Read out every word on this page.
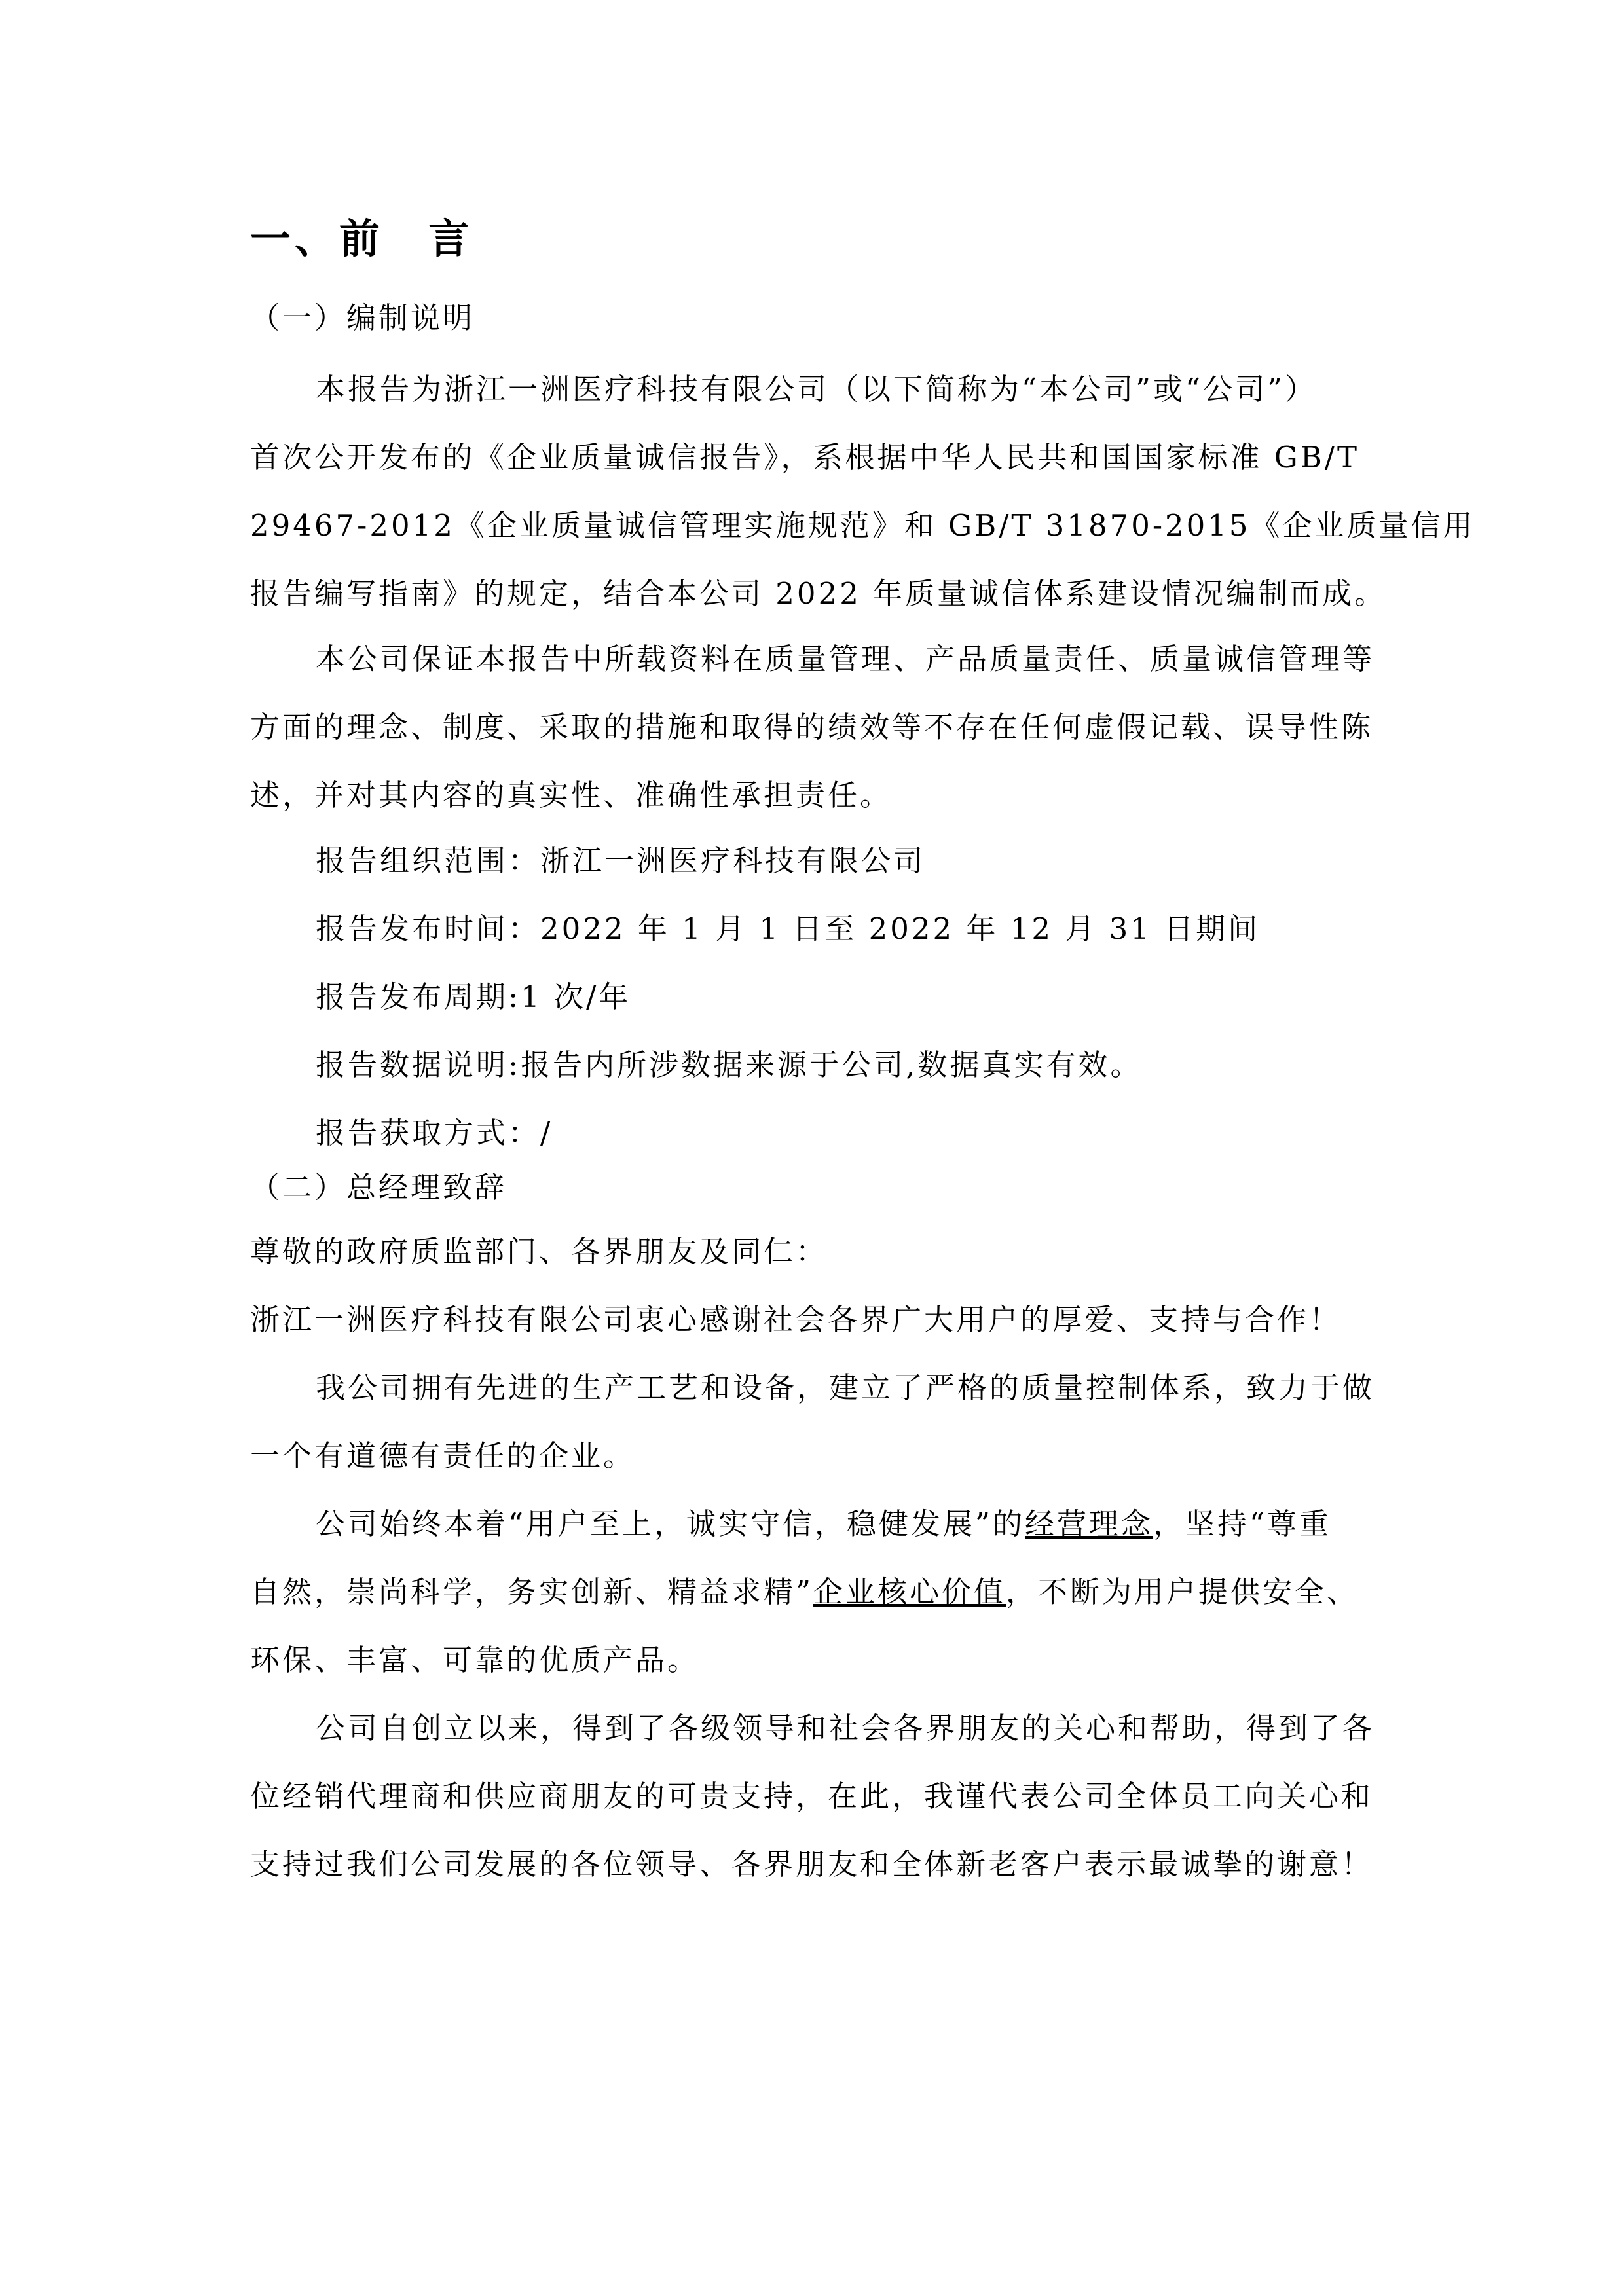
一、前　言
（一）编制说明
本报告为浙江一洲医疗科技有限公司（以下简称为“本公司”或“公司”）
首次公开发布的《企业质量诚信报告》，系根据中华人民共和国国家标准 GB/T
29467-2012《企业质量诚信管理实施规范》和 GB/T 31870-2015《企业质量信用
报告编写指南》的规定，结合本公司 2022 年质量诚信体系建设情况编制而成。
本公司保证本报告中所载资料在质量管理、产品质量责任、质量诚信管理等
方面的理念、制度、采取的措施和取得的绩效等不存在任何虚假记载、误导性陈
述，并对其内容的真实性、准确性承担责任。
报告组织范围：浙江一洲医疗科技有限公司
报告发布时间：2022 年 1 月 1 日至 2022 年 12 月 31 日期间
报告发布周期:1 次/年
报告数据说明:报告内所涉数据来源于公司,数据真实有效。
报告获取方式：/
（二）总经理致辞
尊敬的政府质监部门、各界朋友及同仁：
浙江一洲医疗科技有限公司衷心感谢社会各界广大用户的厚爱、支持与合作！
我公司拥有先进的生产工艺和设备，建立了严格的质量控制体系，致力于做
一个有道德有责任的企业。
公司始终本着“用户至上，诚实守信，稳健发展”的经营理念，坚持“尊重
自然，崇尚科学，务实创新、精益求精”企业核心价值，不断为用户提供安全、
环保、丰富、可靠的优质产品。
公司自创立以来，得到了各级领导和社会各界朋友的关心和帮助，得到了各
位经销代理商和供应商朋友的可贵支持，在此，我谨代表公司全体员工向关心和
支持过我们公司发展的各位领导、各界朋友和全体新老客户表示最诚挚的谢意！
